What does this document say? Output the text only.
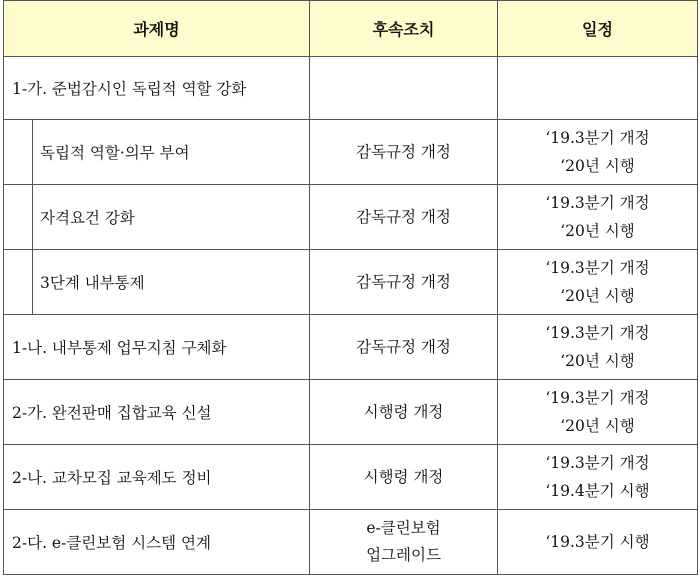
과제명	후속조치	일정
1-가. 준법감시인 독립적 역할 강화		

독립적 역할·의무 부여	감독규정 개정	‘19.3분기 개정
‘20년 시행

자격요건 강화	감독규정 개정	‘19.3분기 개정
‘20년 시행

3단계 내부통제	감독규정 개정	‘19.3분기 개정
‘20년 시행

1-나. 내부통제 업무지침 구체화	감독규정 개정	‘19.3분기 개정
‘20년 시행

2-가. 완전판매 집합교육 신설	시행령 개정	‘19.3분기 개정
‘20년 시행

2-나. 교차모집 교육제도 정비	시행령 개정	‘19.3분기 개정
‘19.4분기 시행

2-다. e-클린보험 시스템 연계	e-클린보험
업그레이드	‘19.3분기 시행
